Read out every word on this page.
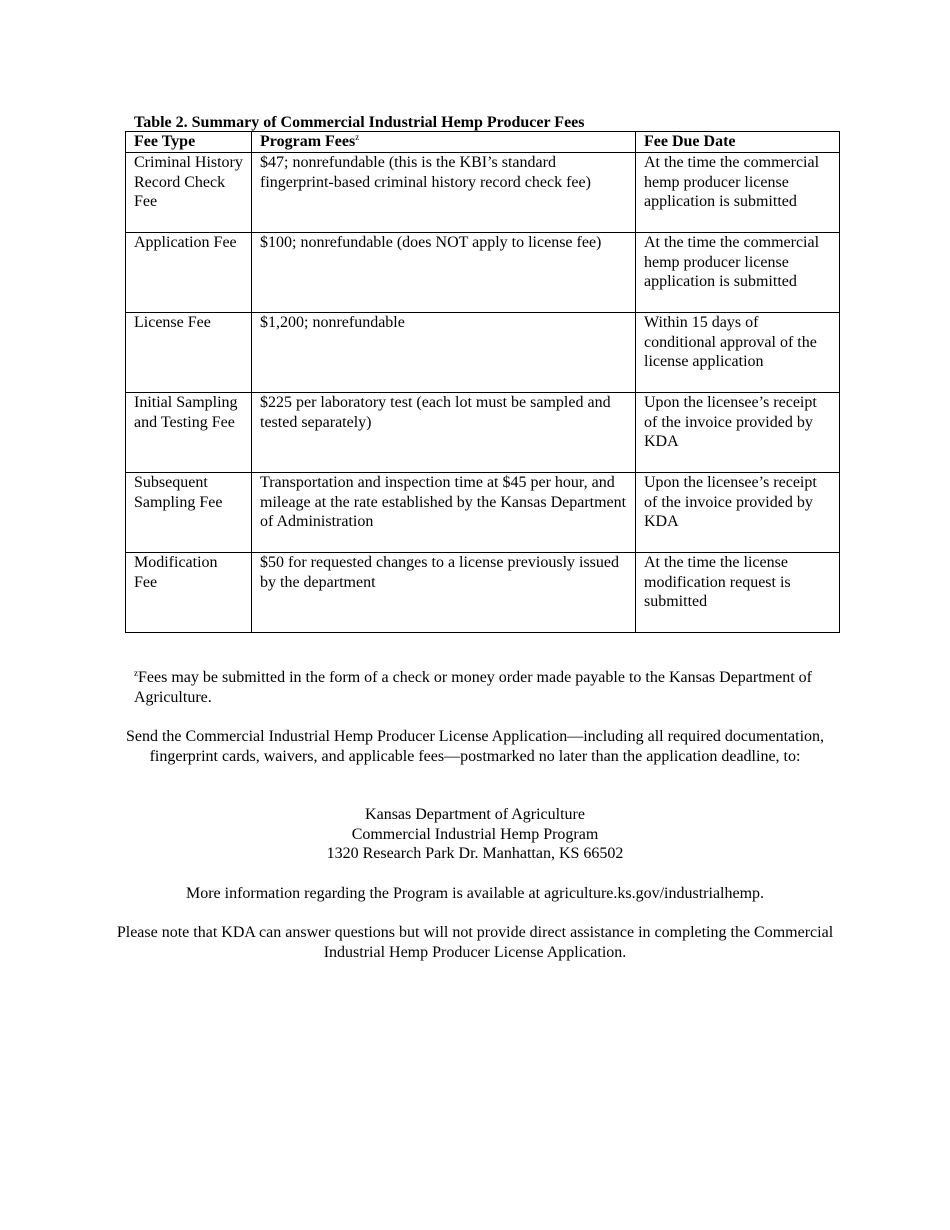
Table 2. Summary of Commercial Industrial Hemp Producer Fees
Fee Type	Program Fees$^z$	Fee Due Date
Criminal History Record Check Fee	$47; nonrefundable (this is the KBI’s standard fingerprint-based criminal history record check fee)	At the time the commercial hemp producer license application is submitted
Application Fee	$100; nonrefundable (does NOT apply to license fee)	At the time the commercial hemp producer license application is submitted
License Fee	$1,200; nonrefundable	Within 15 days of conditional approval of the license application
Initial Sampling and Testing Fee	$225 per laboratory test (each lot must be sampled and tested separately)	Upon the licensee’s receipt of the invoice provided by KDA
Subsequent Sampling Fee	Transportation and inspection time at $45 per hour, and mileage at the rate established by the Kansas Department of Administration	Upon the licensee’s receipt of the invoice provided by KDA
Modification Fee	$50 for requested changes to a license previously issued by the department	At the time the license modification request is submitted
$^z$Fees may be submitted in the form of a check or money order made payable to the Kansas Department of Agriculture.
Send the Commercial Industrial Hemp Producer License Application—including all required documentation, fingerprint cards, waivers, and applicable fees—postmarked no later than the application deadline, to:
Kansas Department of Agriculture
Commercial Industrial Hemp Program
1320 Research Park Dr. Manhattan, KS 66502
More information regarding the Program is available at agriculture.ks.gov/industrialhemp.
Please note that KDA can answer questions but will not provide direct assistance in completing the Commercial Industrial Hemp Producer License Application.
